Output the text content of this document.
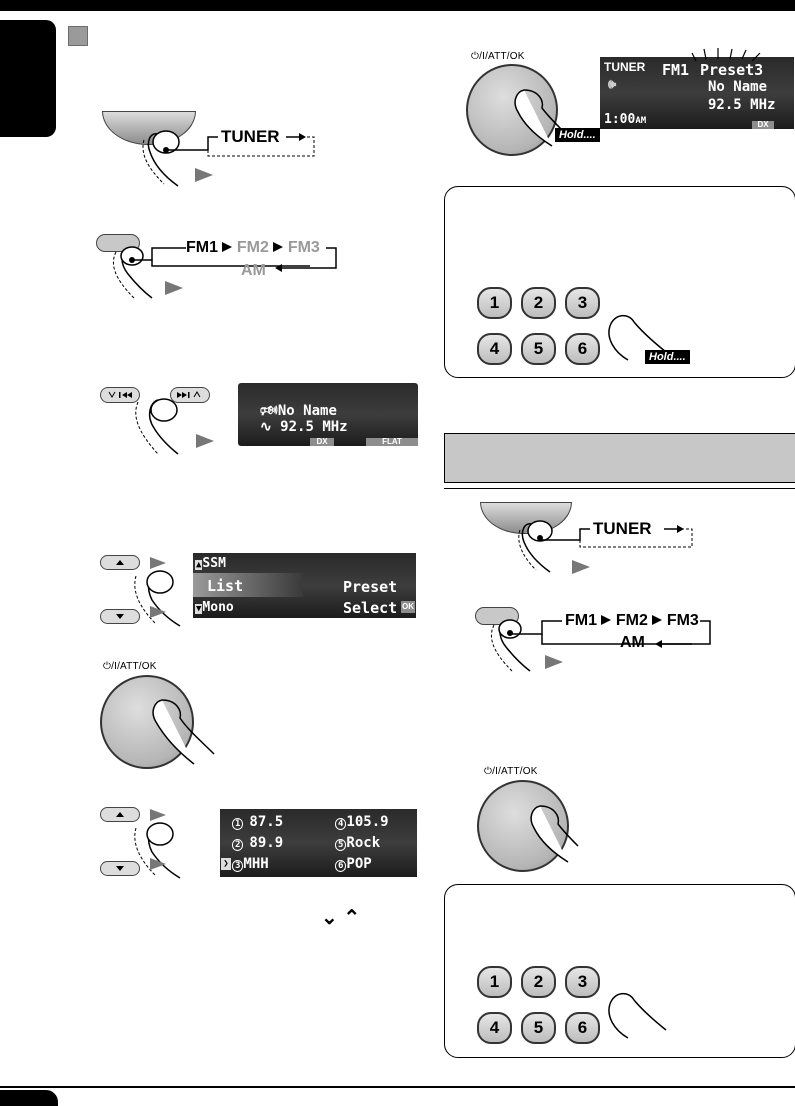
TUNER
FM1 FM2 FM3
AM
🕬No Name
∿ 92.5 MHz
DX	FLAT
▲SSM
List
▼Mono
Preset
Select OK
⏻/I/ATT/OK
1 87.5	4 105.9
2 89.9	5 Rock
❯ 3 MHH	6 POP
⌄ ⌃
⏻/I/ATT/OK
Hold....
TUNER
🕪
FM1 Preset3
No Name
92.5 MHz
1:00AM	DX
1	2	3
4	5	6	Hold....
TUNER
FM1 FM2 FM3
AM
⏻/I/ATT/OK
1	2	3
4	5	6
